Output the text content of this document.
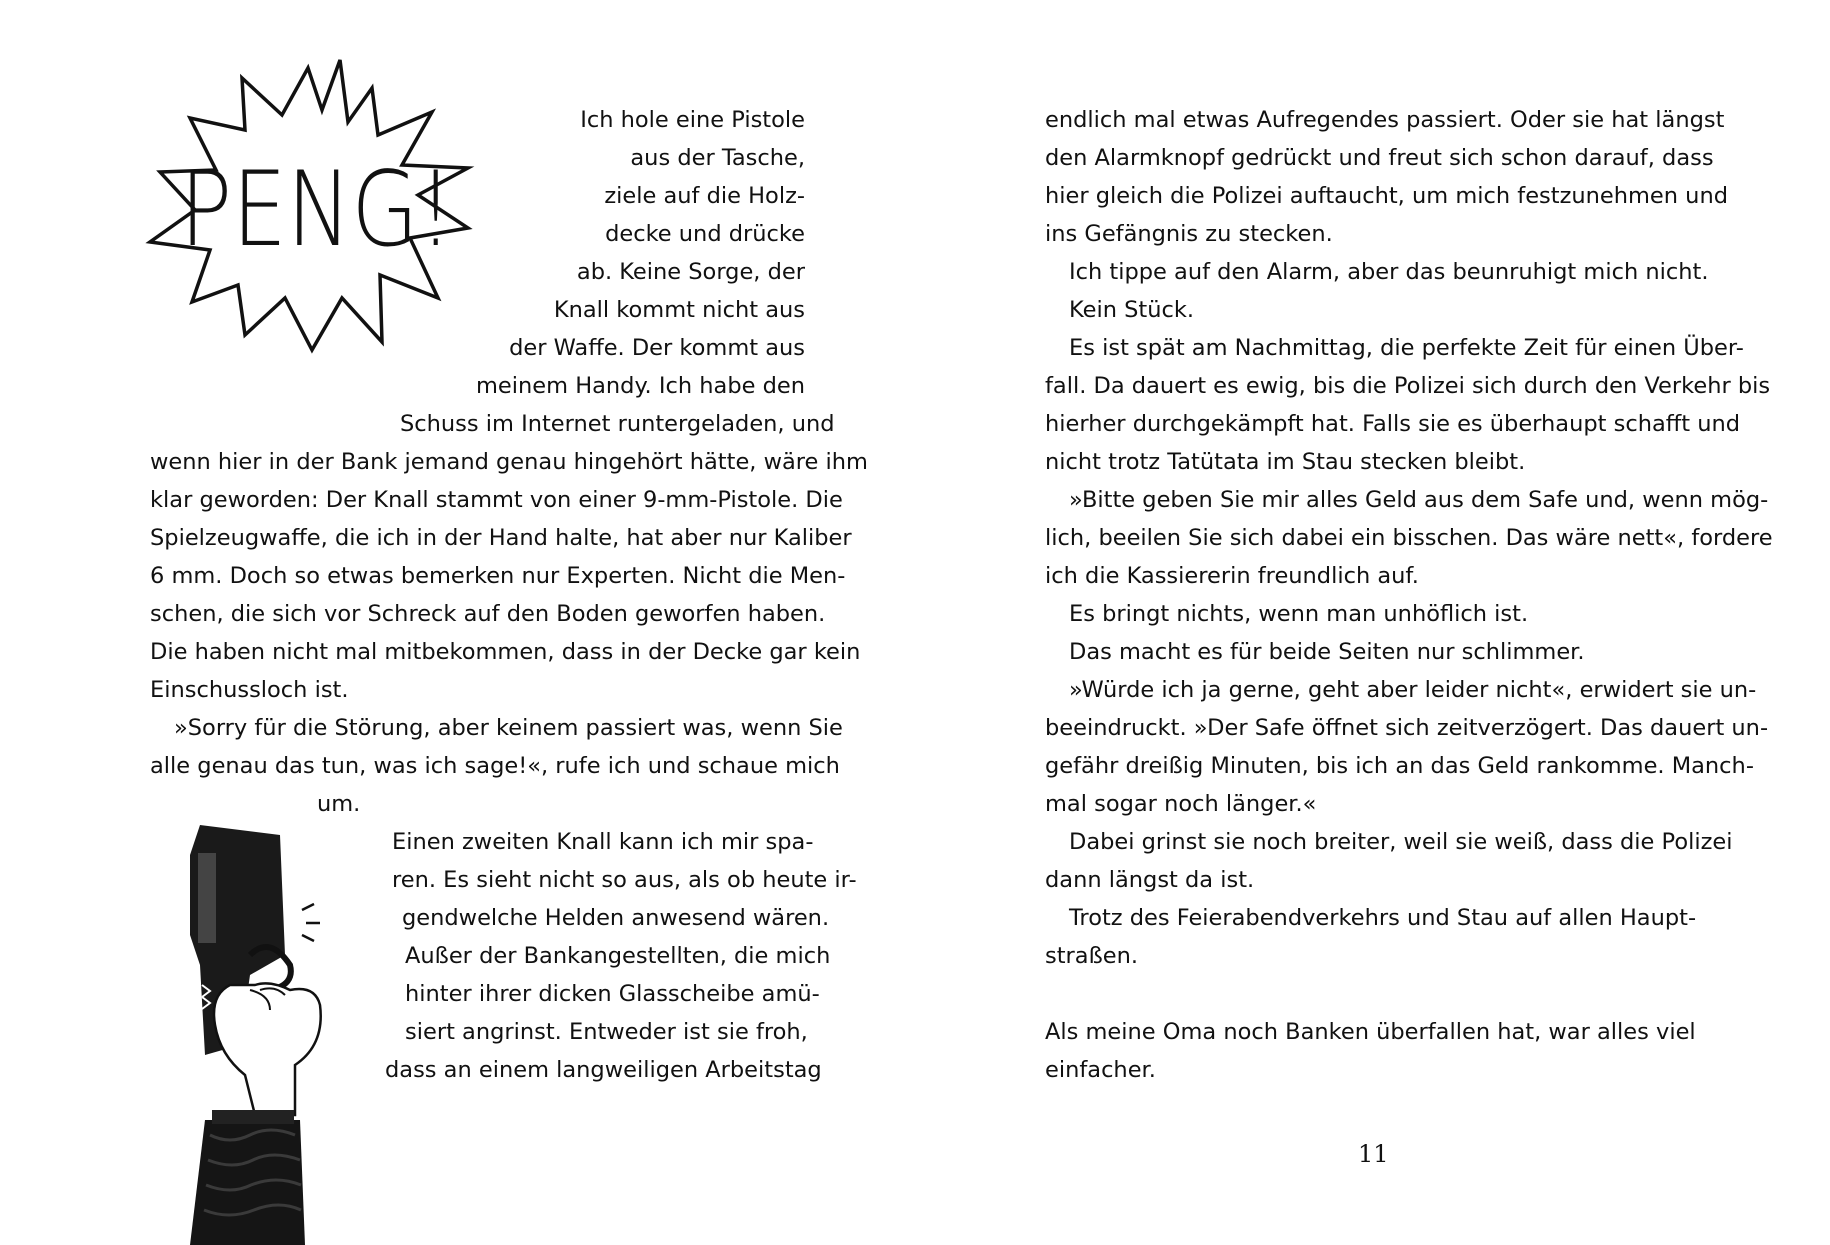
PENG!
Ich hole eine Pistole
aus der Tasche,
ziele auf die Holz-
decke und drücke
ab. Keine Sorge, der
Knall kommt nicht aus
der Waffe. Der kommt aus
meinem Handy. Ich habe den
Schuss im Internet runtergeladen, und
wenn hier in der Bank jemand genau hingehört hätte, wäre ihm
klar geworden: Der Knall stammt von einer 9-mm-Pistole. Die
Spielzeugwaffe, die ich in der Hand halte, hat aber nur Kaliber
6 mm. Doch so etwas bemerken nur Experten. Nicht die Men-
schen, die sich vor Schreck auf den Boden geworfen haben.
Die haben nicht mal mitbekommen, dass in der Decke gar kein
Einschussloch ist.
»Sorry für die Störung, aber keinem passiert was, wenn Sie
alle genau das tun, was ich sage!«, rufe ich und schaue mich
um.
Einen zweiten Knall kann ich mir spa-
ren. Es sieht nicht so aus, als ob heute ir-
gendwelche Helden anwesend wären.
Außer der Bankangestellten, die mich
hinter ihrer dicken Glasscheibe amü-
siert angrinst. Entweder ist sie froh,
dass an einem langweiligen Arbeitstag
endlich mal etwas Aufregendes passiert. Oder sie hat längst
den Alarmknopf gedrückt und freut sich schon darauf, dass
hier gleich die Polizei auftaucht, um mich festzunehmen und
ins Gefängnis zu stecken.
Ich tippe auf den Alarm, aber das beunruhigt mich nicht.
Kein Stück.
Es ist spät am Nachmittag, die perfekte Zeit für einen Über-
fall. Da dauert es ewig, bis die Polizei sich durch den Verkehr bis
hierher durchgekämpft hat. Falls sie es überhaupt schafft und
nicht trotz Tatütata im Stau stecken bleibt.
»Bitte geben Sie mir alles Geld aus dem Safe und, wenn mög-
lich, beeilen Sie sich dabei ein bisschen. Das wäre nett«, fordere
ich die Kassiererin freundlich auf.
Es bringt nichts, wenn man unhöflich ist.
Das macht es für beide Seiten nur schlimmer.
»Würde ich ja gerne, geht aber leider nicht«, erwidert sie un-
beeindruckt. »Der Safe öffnet sich zeitverzögert. Das dauert un-
gefähr dreißig Minuten, bis ich an das Geld rankomme. Manch-
mal sogar noch länger.«
Dabei grinst sie noch breiter, weil sie weiß, dass die Polizei
dann längst da ist.
Trotz des Feierabendverkehrs und Stau auf allen Haupt-
straßen.
Als meine Oma noch Banken überfallen hat, war alles viel
einfacher.
11
